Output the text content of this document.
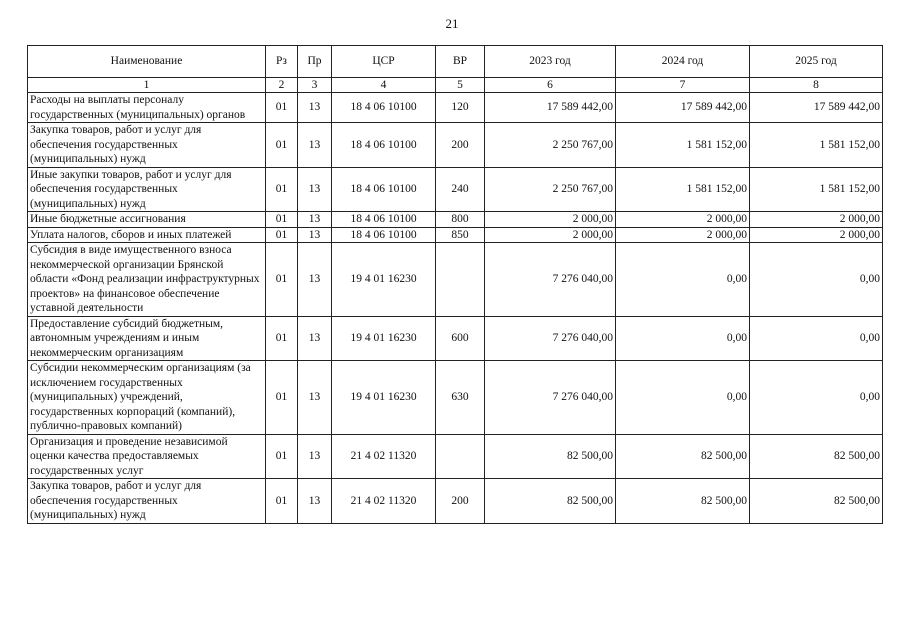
21
Наименование	Рз	Пр	ЦСР	ВР	2023 год	2024 год	2025 год
1	2	3	4	5	6	7	8
Расходы на выплаты персоналу государственных (муниципальных) органов	01	13	18 4 06 10100	120	17 589 442,00	17 589 442,00	17 589 442,00
Закупка товаров, работ и услуг для обеспечения государственных (муниципальных) нужд	01	13	18 4 06 10100	200	2 250 767,00	1 581 152,00	1 581 152,00
Иные закупки товаров, работ и услуг для обеспечения государственных (муниципальных) нужд	01	13	18 4 06 10100	240	2 250 767,00	1 581 152,00	1 581 152,00
Иные бюджетные ассигнования	01	13	18 4 06 10100	800	2 000,00	2 000,00	2 000,00
Уплата налогов, сборов и иных платежей	01	13	18 4 06 10100	850	2 000,00	2 000,00	2 000,00
Субсидия в виде имущественного взноса некоммерческой организации Брянской области «Фонд реализации инфраструктурных проектов» на финансовое обеспечение уставной деятельности	01	13	19 4 01 16230		7 276 040,00	0,00	0,00
Предоставление субсидий бюджетным, автономным учреждениям и иным некоммерческим организациям	01	13	19 4 01 16230	600	7 276 040,00	0,00	0,00
Субсидии некоммерческим организациям (за исключением государственных (муниципальных) учреждений, государственных корпораций (компаний), публично-правовых компаний)	01	13	19 4 01 16230	630	7 276 040,00	0,00	0,00
Организация и проведение независимой оценки качества предоставляемых государственных услуг	01	13	21 4 02 11320		82 500,00	82 500,00	82 500,00
Закупка товаров, работ и услуг для обеспечения государственных (муниципальных) нужд	01	13	21 4 02 11320	200	82 500,00	82 500,00	82 500,00
